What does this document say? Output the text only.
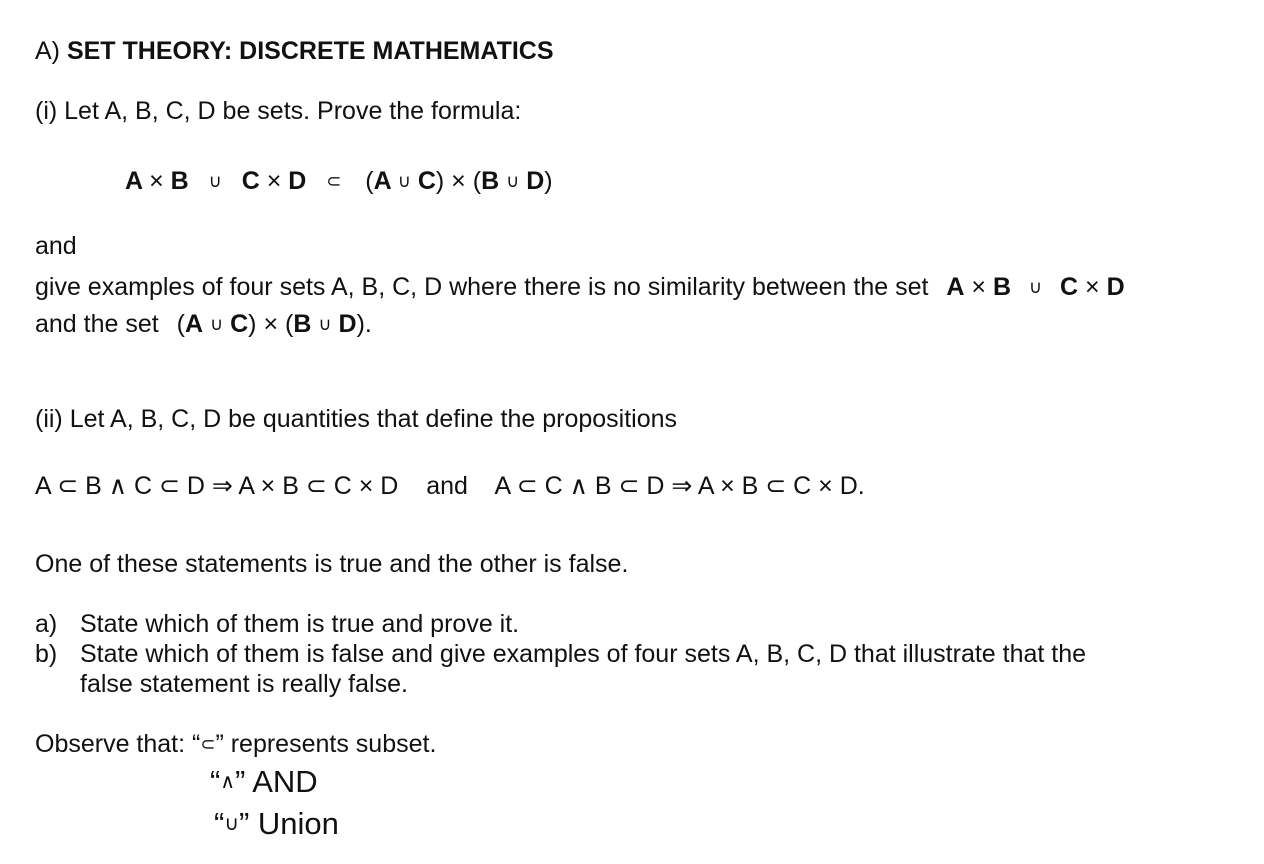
A) SET THEORY: DISCRETE MATHEMATICS
(i) Let A, B, C, D be sets. Prove the formula:
A × B ∪ C × D ⊂ (A ∪ C) × (B ∪ D)
and
give examples of four sets A, B, C, D where there is no similarity between the set A × B ∪ C × D
and the set (A ∪ C) × (B ∪ D).
(ii) Let A, B, C, D be quantities that define the propositions
A ⊂ B ∧ C ⊂ D ⇒ A × B ⊂ C × D and A ⊂ C ∧ B ⊂ D ⇒ A × B ⊂ C × D.
One of these statements is true and the other is false.
a) State which of them is true and prove it.
b) State which of them is false and give examples of four sets A, B, C, D that illustrate that the
false statement is really false.
Observe that: “⊂” represents subset.
“∧” AND
“∪” Union
